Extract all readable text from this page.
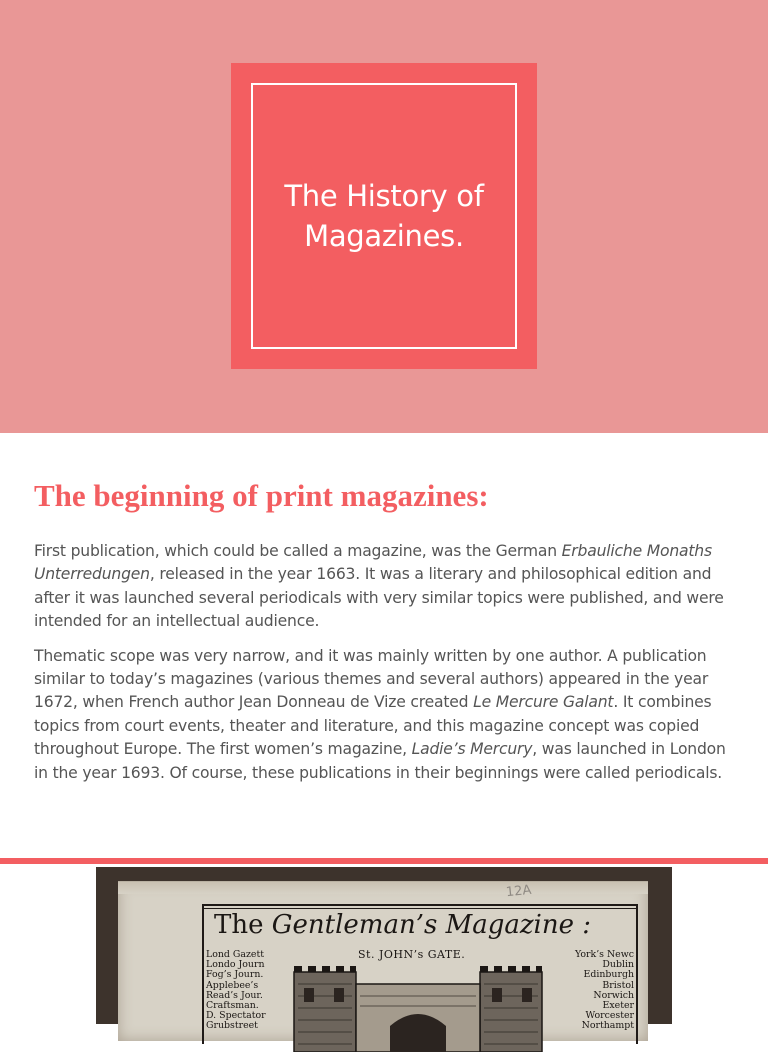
The History of
Magazines.
The beginning of print magazines:

First publication, which could be called a magazine, was the German Erbauliche Monaths Unterredungen, released in the year 1663. It was a literary and philosophical edition and after it was launched several periodicals with very similar topics were published, and were intended for an intellectual audience.

Thematic scope was very narrow, and it was mainly written by one author. A publication similar to today’s magazines (various themes and several authors) appeared in the year 1672, when French author Jean Donneau de Vize created Le Mercure Galant. It combines topics from court events, theater and literature, and this magazine concept was copied throughout Europe. The first women’s magazine, Ladie’s Mercury, was launched in London in the year 1693. Of course, these publications in their beginnings were called periodicals.

12A
The Gentleman’s Magazine :
St. JOHN’s GATE.
Lond Gazett
Londo Journ
Fog’s Journ.
Applebee’s
Read’s Jour.
Craftsman.
D. Spectator
Grubstreet
York’s Newc
Dublin
Edinburgh
Bristol
Norwich
Exeter
Worcester
Northampt
